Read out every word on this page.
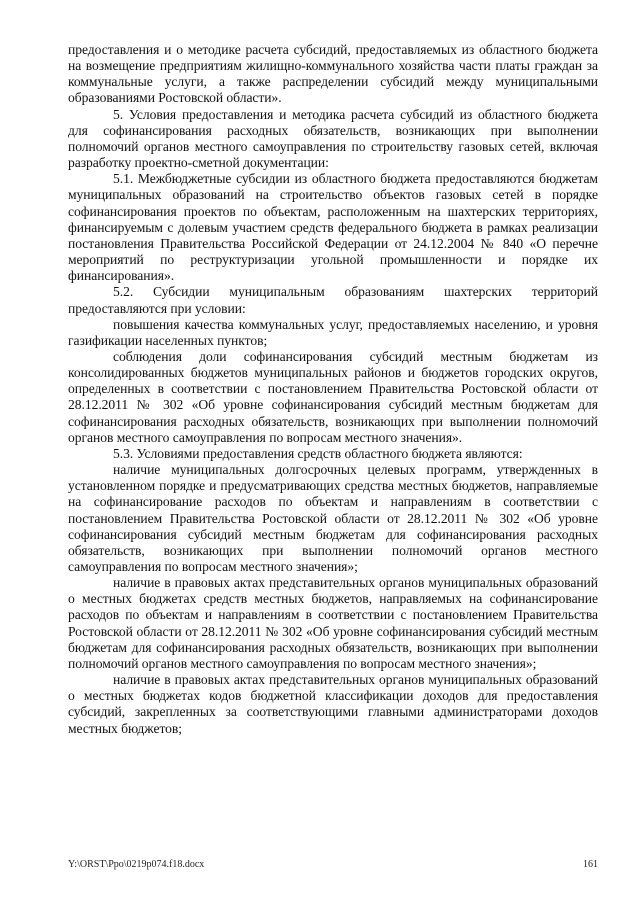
предоставления и о методике расчета субсидий, предоставляемых из областного бюджета на возмещение предприятиям жилищно-коммунального хозяйства части платы граждан за коммунальные услуги, а также распределении субсидий между муниципальными образованиями Ростовской области».

5. Условия предоставления и методика расчета субсидий из областного бюджета для софинансирования расходных обязательств, возникающих при выполнении полномочий органов местного самоуправления по строительству газовых сетей, включая разработку проектно-сметной документации:

5.1. Межбюджетные субсидии из областного бюджета предоставляются бюджетам муниципальных образований на строительство объектов газовых сетей в порядке софинансирования проектов по объектам, расположенным на шахтерских территориях, финансируемым с долевым участием средств федерального бюджета в рамках реализации постановления Правительства Российской Федерации от 24.12.2004 № 840 «О перечне мероприятий по реструктуризации угольной промышленности и порядке их финансирования».

5.2. Субсидии муниципальным образованиям шахтерских территорий предоставляются при условии:

повышения качества коммунальных услуг, предоставляемых населению, и уровня газификации населенных пунктов;

соблюдения доли софинансирования субсидий местным бюджетам из консолидированных бюджетов муниципальных районов и бюджетов городских округов, определенных в соответствии с постановлением Правительства Ростовской области от 28.12.2011 № 302 «Об уровне софинансирования субсидий местным бюджетам для софинансирования расходных обязательств, возникающих при выполнении полномочий органов местного самоуправления по вопросам местного значения».

5.3. Условиями предоставления средств областного бюджета являются:

наличие муниципальных долгосрочных целевых программ, утвержденных в установленном порядке и предусматривающих средства местных бюджетов, направляемые на софинансирование расходов по объектам и направлениям в соответствии с постановлением Правительства Ростовской области от 28.12.2011 № 302 «Об уровне софинансирования субсидий местным бюджетам для софинансирования расходных обязательств, возникающих при выполнении полномочий органов местного самоуправления по вопросам местного значения»;

наличие в правовых актах представительных органов муниципальных образований о местных бюджетах средств местных бюджетов, направляемых на софинансирование расходов по объектам и направлениям в соответствии с постановлением Правительства Ростовской области от 28.12.2011 № 302 «Об уровне софинансирования субсидий местным бюджетам для софинансирования расходных обязательств, возникающих при выполнении полномочий органов местного самоуправления по вопросам местного значения»;

наличие в правовых актах представительных органов муниципальных образований о местных бюджетах кодов бюджетной классификации доходов для предоставления субсидий, закрепленных за соответствующими главными администраторами доходов местных бюджетов;

Y:\ORST\Ppo\0219p074.f18.docx	161
